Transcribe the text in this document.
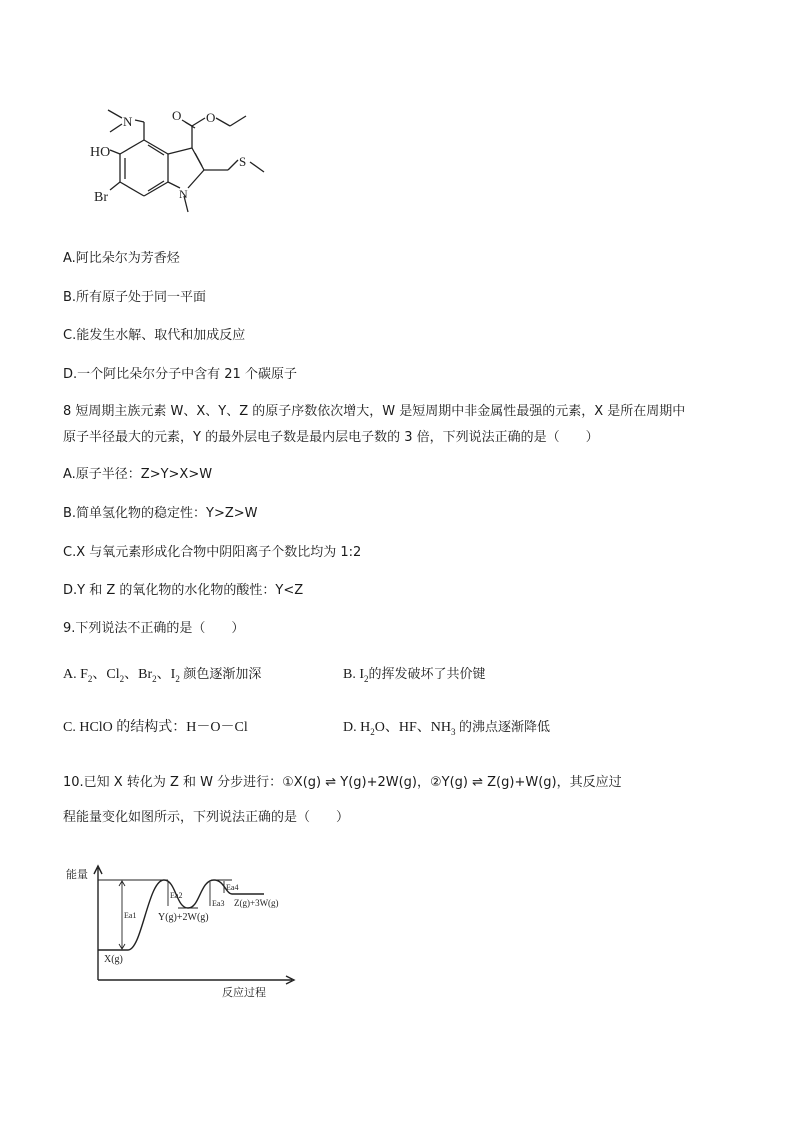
HO
Br	N
N	O O
S
A.阿比朵尔为芳香烃
B.所有原子处于同一平面
C.能发生水解、取代和加成反应
D.一个阿比朵尔分子中含有 21 个碳原子
8 短周期主族元素 W、X、Y、Z 的原子序数依次增大，W 是短周期中非金属性最强的元素，X 是所在周期中
原子半径最大的元素，Y 的最外层电子数是最内层电子数的 3 倍，下列说法正确的是（　　）
A.原子半径：Z>Y>X>W
B.简单氢化物的稳定性：Y>Z>W
C.X 与氧元素形成化合物中阴阳离子个数比均为 1:2
D.Y 和 Z 的氧化物的水化物的酸性：Y<Z
9.下列说法不正确的是（　　）
A. $F_2$、$Cl_2$、$Br_2$、$I_2$ 颜色逐渐加深	B. $I_2$的挥发破坏了共价键
C. HClO 的结构式：H－O－Cl	D. $H_2O$、HF、$NH_3$ 的沸点逐渐降低
10.已知 X 转化为 Z 和 W 分步进行：①X(g) ⇌ Y(g)+2W(g)，②Y(g) ⇌ Z(g)+W(g)，其反应过
程能量变化如图所示，下列说法正确的是（　　）
能量
反应过程
X(g)
Y(g)+2W(g)
Z(g)+3W(g)
Ea1
Ea2
Ea3
Ea4
